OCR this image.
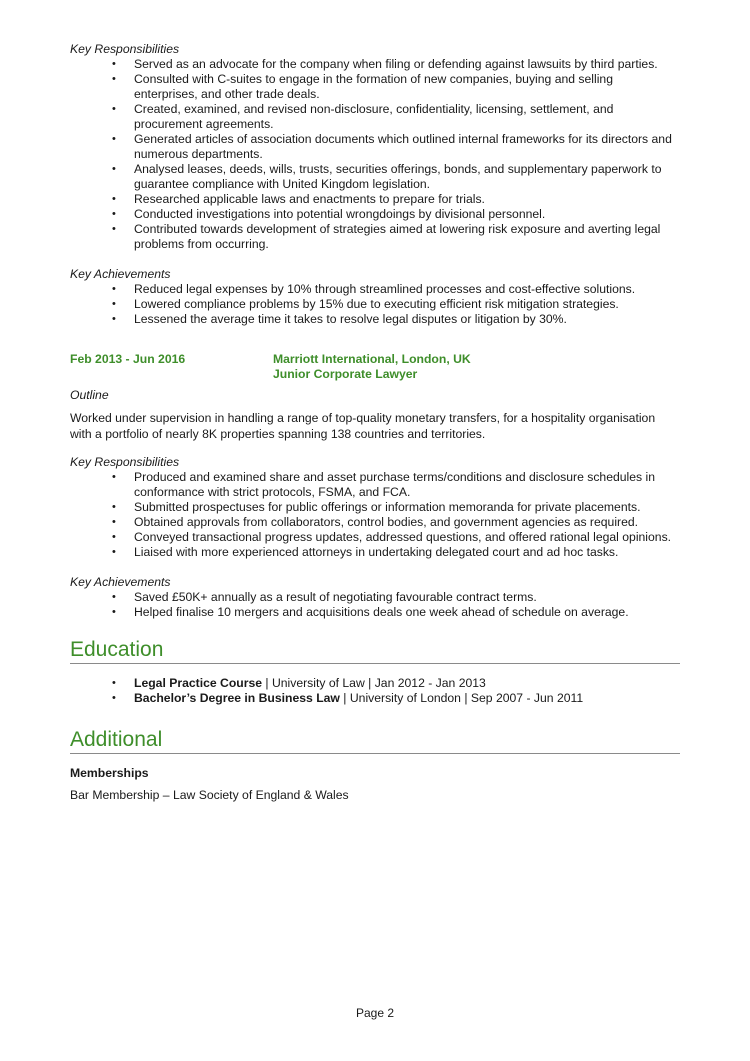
Key Responsibilities

• Served as an advocate for the company when filing or defending against lawsuits by third parties.
• Consulted with C-suites to engage in the formation of new companies, buying and selling enterprises, and other trade deals.
• Created, examined, and revised non-disclosure, confidentiality, licensing, settlement, and procurement agreements.
• Generated articles of association documents which outlined internal frameworks for its directors and numerous departments.
• Analysed leases, deeds, wills, trusts, securities offerings, bonds, and supplementary paperwork to guarantee compliance with United Kingdom legislation.
• Researched applicable laws and enactments to prepare for trials.
• Conducted investigations into potential wrongdoings by divisional personnel.
• Contributed towards development of strategies aimed at lowering risk exposure and averting legal problems from occurring.

Key Achievements

• Reduced legal expenses by 10% through streamlined processes and cost-effective solutions.
• Lowered compliance problems by 15% due to executing efficient risk mitigation strategies.
• Lessened the average time it takes to resolve legal disputes or litigation by 30%.
Feb 2013 - Jun 2016	Marriott International, London, UK
Junior Corporate Lawyer

Outline

Worked under supervision in handling a range of top-quality monetary transfers, for a hospitality organisation with a portfolio of nearly 8K properties spanning 138 countries and territories.

Key Responsibilities

• Produced and examined share and asset purchase terms/conditions and disclosure schedules in conformance with strict protocols, FSMA, and FCA.
• Submitted prospectuses for public offerings or information memoranda for private placements.
• Obtained approvals from collaborators, control bodies, and government agencies as required.
• Conveyed transactional progress updates, addressed questions, and offered rational legal opinions.
• Liaised with more experienced attorneys in undertaking delegated court and ad hoc tasks.

Key Achievements

• Saved £50K+ annually as a result of negotiating favourable contract terms.
• Helped finalise 10 mergers and acquisitions deals one week ahead of schedule on average.
Education
• Legal Practice Course | University of Law | Jan 2012 - Jan 2013
• Bachelor’s Degree in Business Law | University of London | Sep 2007 - Jun 2011
Additional
Memberships
Bar Membership – Law Society of England & Wales
Page 2
